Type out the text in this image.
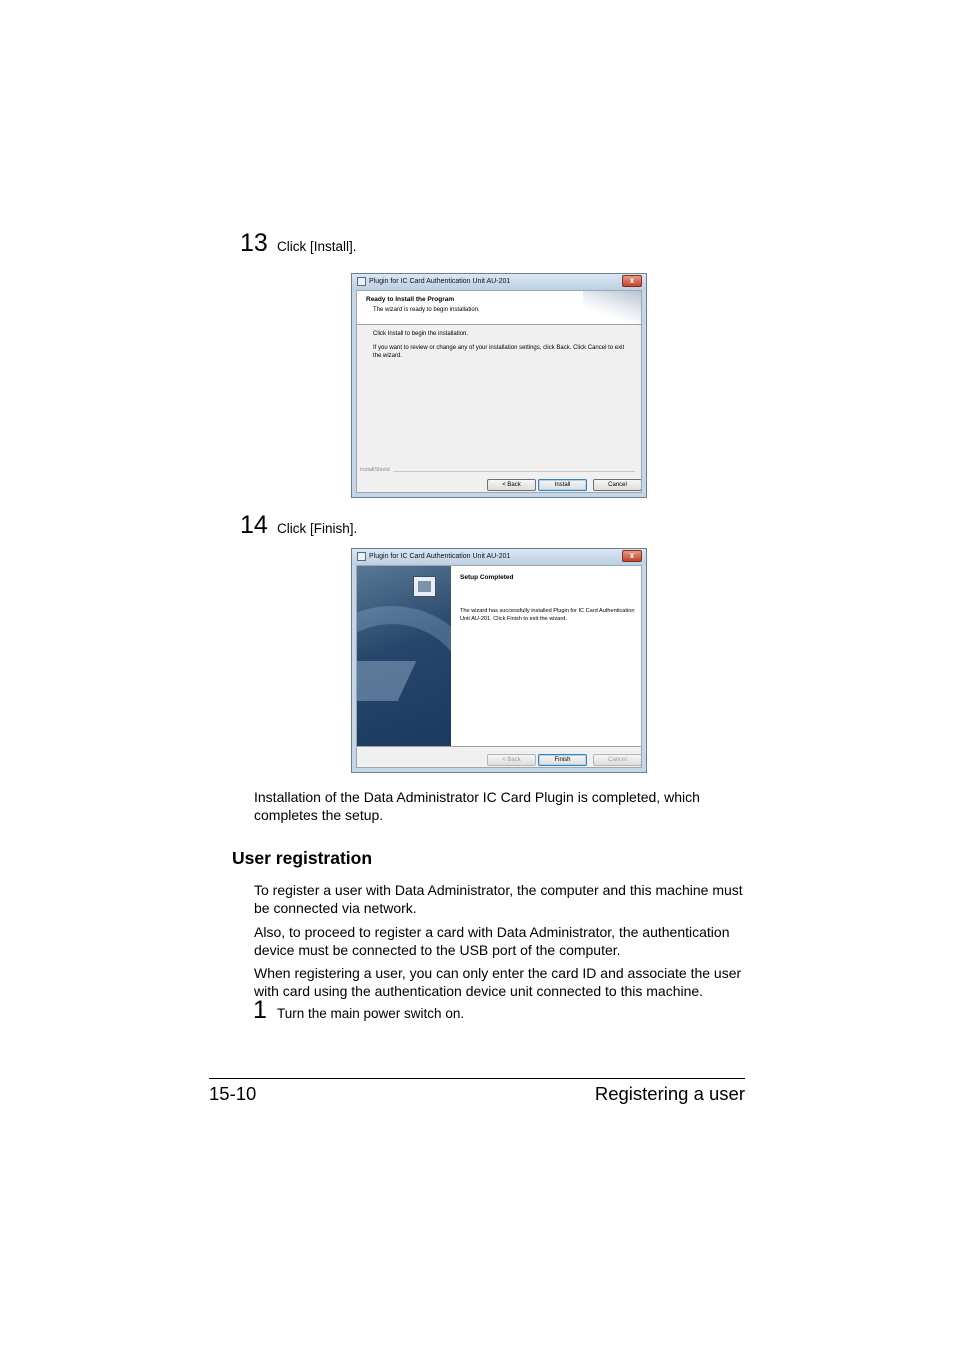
13 Click [Install].
Plugin for IC Card Authentication Unit AU-201	x
Ready to Install the Program
The wizard is ready to begin installation.
Click Install to begin the installation.
If you want to review or change any of your installation settings, click Back. Click Cancel to exit the wizard.
InstallShield
< Back	Install	Cancel
14 Click [Finish].
Plugin for IC Card Authentication Unit AU-201	x
Setup Completed
The wizard has successfully installed Plugin for IC Card Authentication Unit AU-201. Click Finish to exit the wizard.
< Back	Finish	Cancel
Installation of the Data Administrator IC Card Plugin is completed, which completes the setup.
User registration
To register a user with Data Administrator, the computer and this machine must be connected via network.
Also, to proceed to register a card with Data Administrator, the authentication device must be connected to the USB port of the computer.
When registering a user, you can only enter the card ID and associate the user with card using the authentication device unit connected to this machine.
1 Turn the main power switch on.
15-10	Registering a user
